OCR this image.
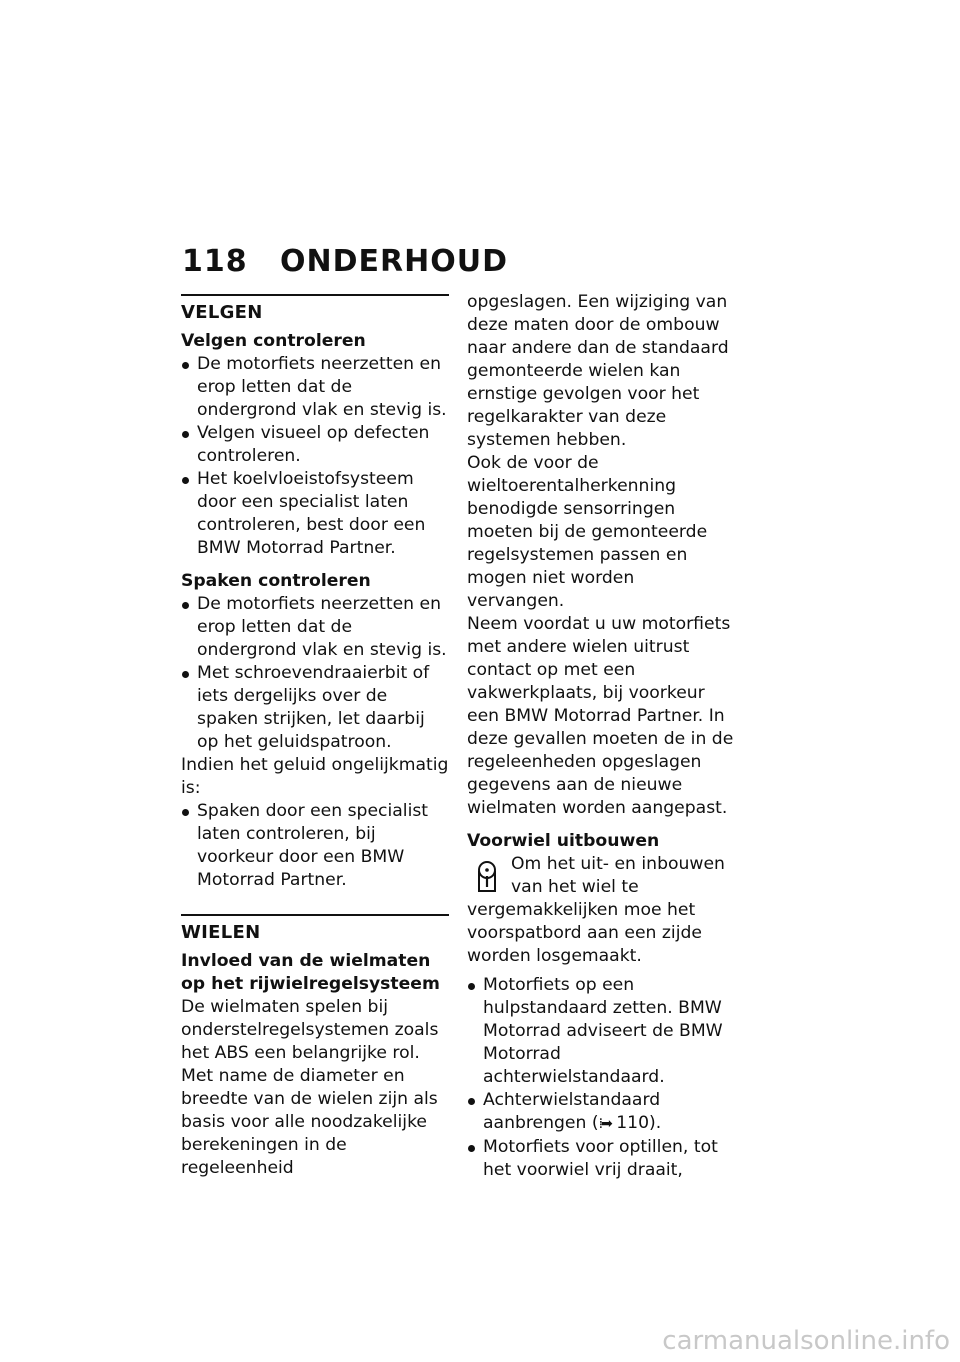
118 ONDERHOUD
VELGEN
Velgen controleren
De motorfiets neerzetten en erop letten dat de ondergrond vlak en stevig is.
Velgen visueel op defecten controleren.
Het koelvloeistofsysteem door een specialist laten controleren, best door een BMW Motorrad Partner.
Spaken controleren
De motorfiets neerzetten en erop letten dat de ondergrond vlak en stevig is.
Met schroevendraaierbit of iets dergelijks over de spaken strijken, let daarbij op het geluidspatroon.

Indien het geluid ongelijkmatig is:

Spaken door een specialist laten controleren, bij voorkeur door een BMW Motorrad Partner.
WIELEN
Invloed van de wielmaten op het rijwielregelsysteem

De wielmaten spelen bij onderstelregelsystemen zoals het ABS een belangrijke rol. Met name de diameter en breedte van de wielen zijn als basis voor alle noodzakelijke berekeningen in de regeleenheid

opgeslagen. Een wijziging van deze maten door de ombouw naar andere dan de standaard gemonteerde wielen kan ernstige gevolgen voor het regelkarakter van deze systemen hebben.

Ook de voor de wieltoerentalherkenning benodigde sensorringen moeten bij de gemonteerde regelsystemen passen en mogen niet worden vervangen.

Neem voordat u uw motorfiets met andere wielen uitrust contact op met een vakwerkplaats, bij voorkeur een BMW Motorrad Partner. In deze gevallen moeten de in de regeleenheden opgeslagen gegevens aan de nieuwe wielmaten worden aangepast.

Voorwiel uitbouwen

Om het uit- en inbouwen van het wiel te vergemakkelijken moe het voorspatbord aan een zijde worden losgemaakt.

Motorfiets op een hulpstandaard zetten. BMW Motorrad adviseert de BMW Motorrad achterwielstandaard.
Achterwielstandaard aanbrengen (⁞➡ 110).
Motorfiets voor optillen, tot het voorwiel vrij draait,
carmanualsonline.info
